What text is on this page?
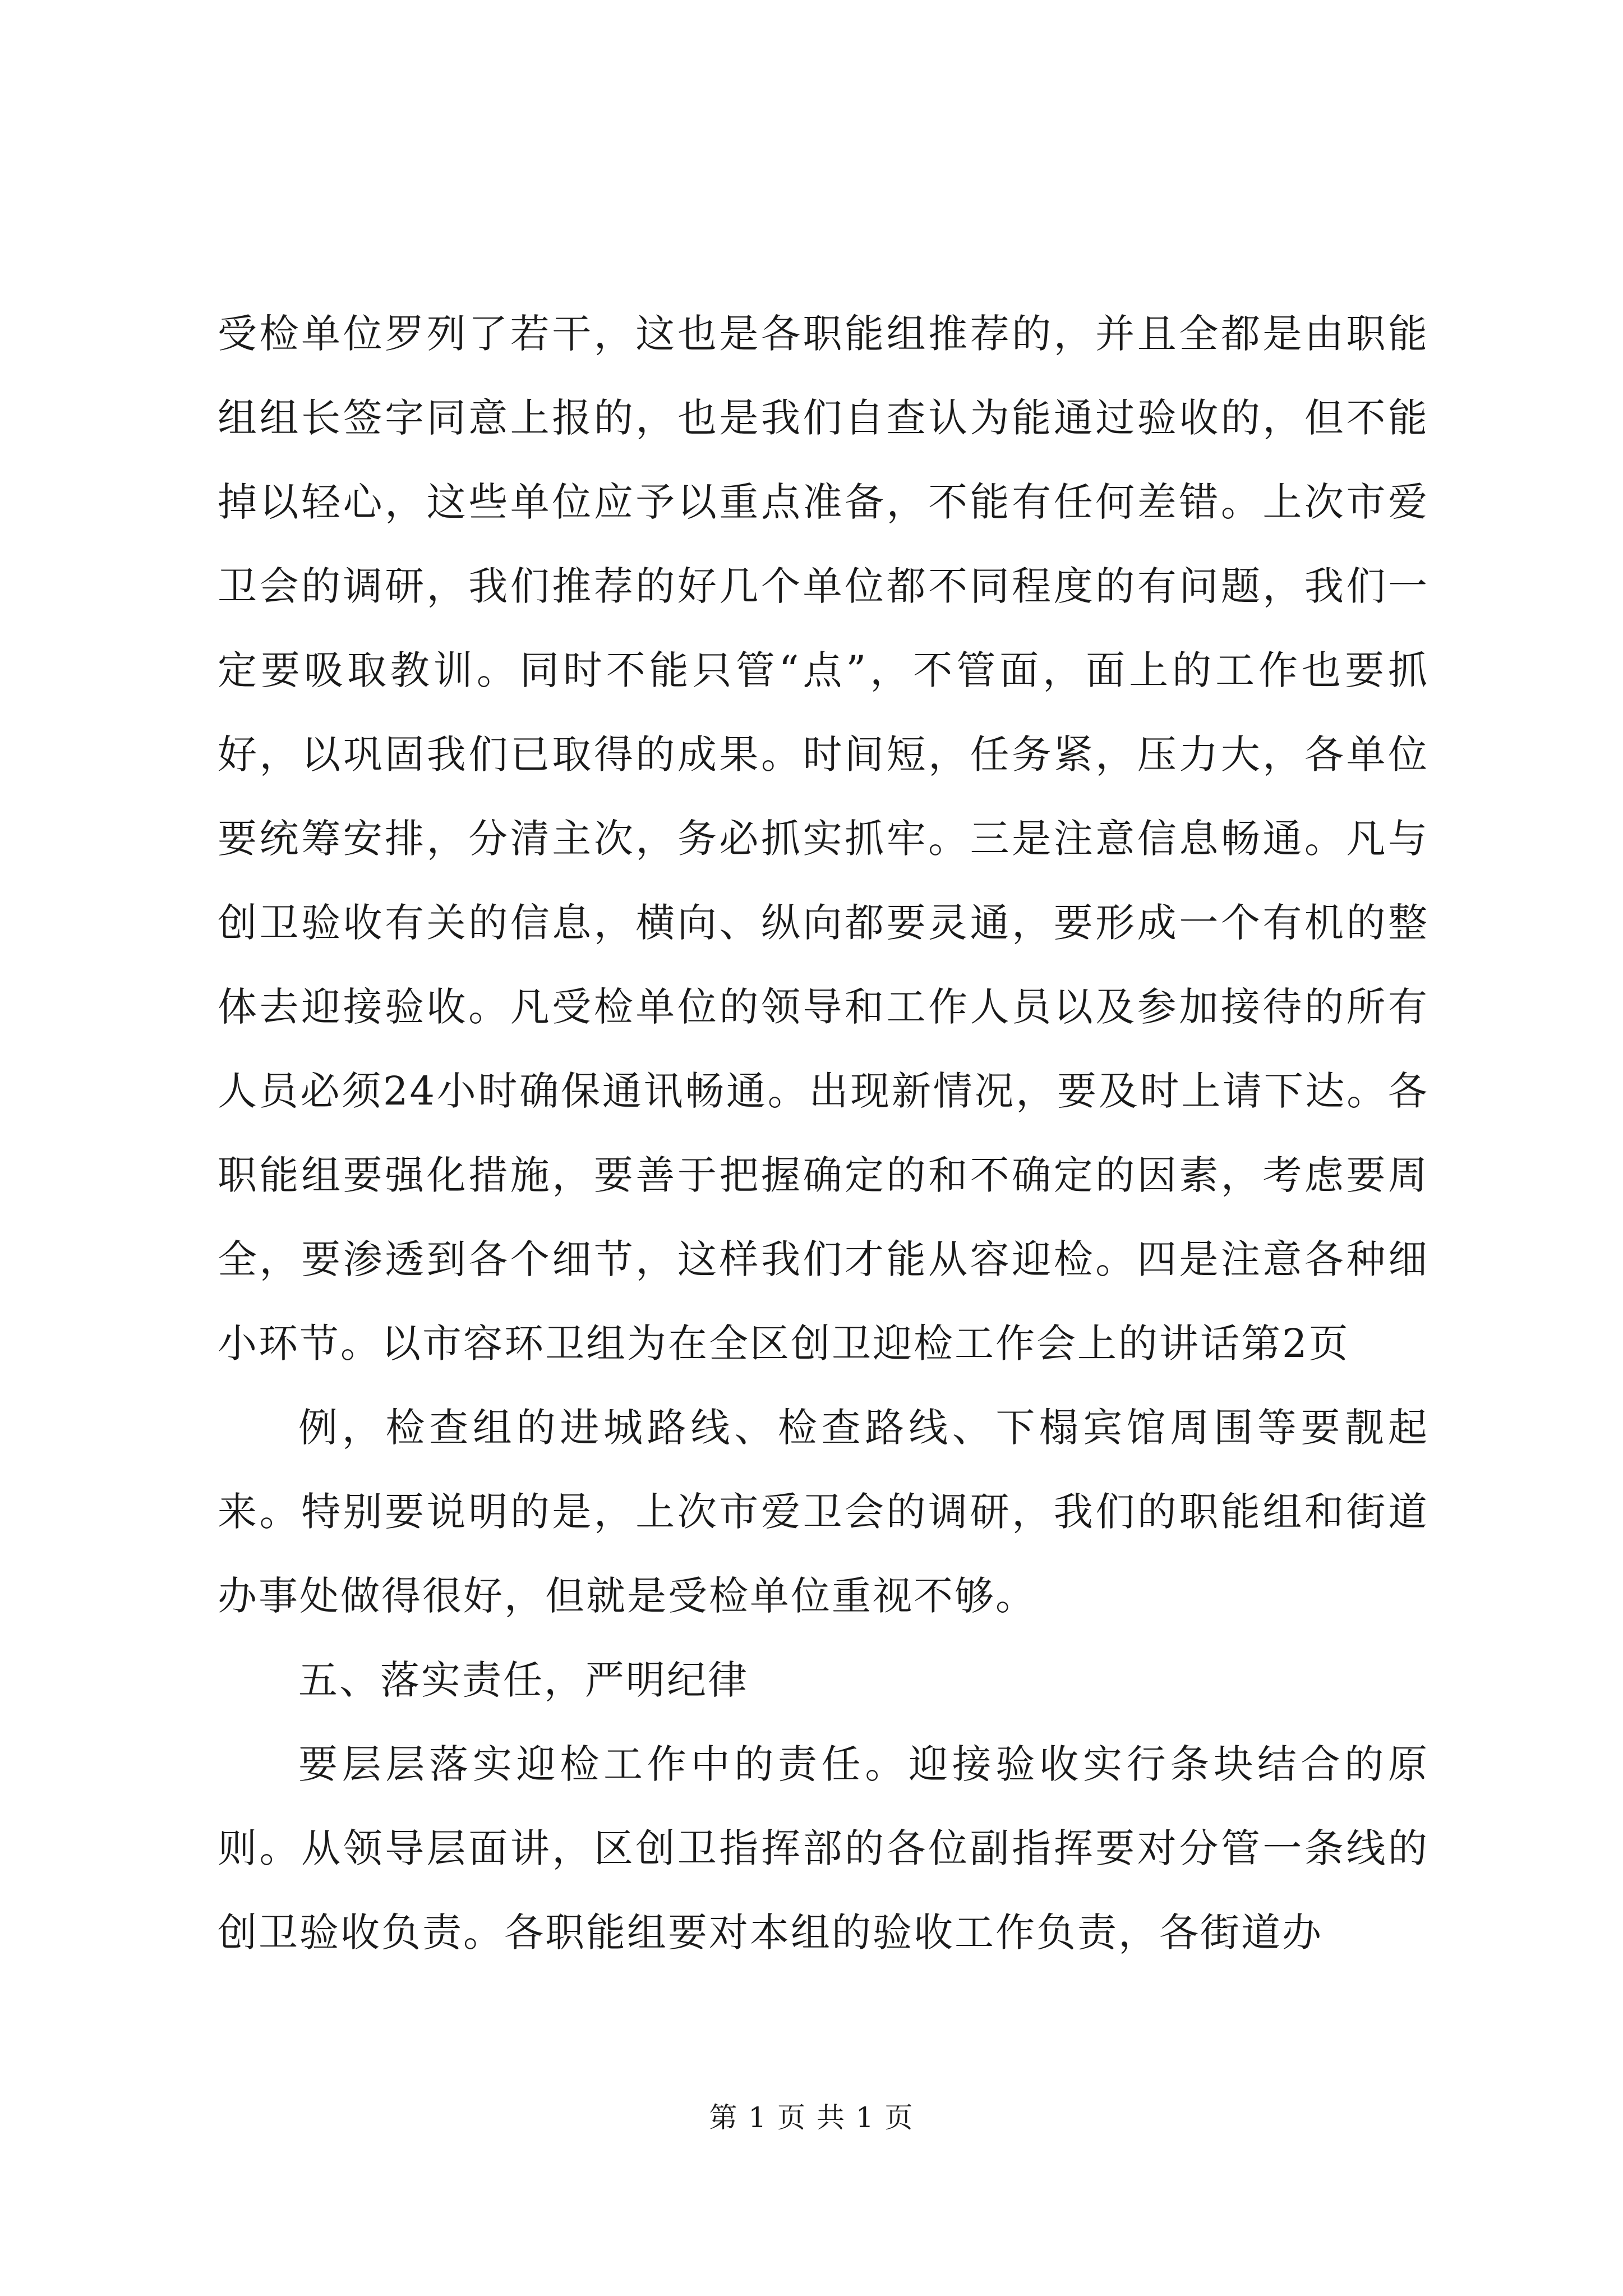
受检单位罗列了若干，这也是各职能组推荐的，并且全都是由职能组组长签字同意上报的，也是我们自查认为能通过验收的，但不能掉以轻心，这些单位应予以重点准备，不能有任何差错。上次市爱卫会的调研，我们推荐的好几个单位都不同程度的有问题，我们一定要吸取教训。同时不能只管“点”，不管面，面上的工作也要抓好，以巩固我们已取得的成果。时间短，任务紧，压力大，各单位要统筹安排，分清主次，务必抓实抓牢。三是注意信息畅通。凡与创卫验收有关的信息，横向、纵向都要灵通，要形成一个有机的整体去迎接验收。凡受检单位的领导和工作人员以及参加接待的所有人员必须24小时确保通讯畅通。出现新情况，要及时上请下达。各职能组要强化措施，要善于把握确定的和不确定的因素，考虑要周全，要渗透到各个细节，这样我们才能从容迎检。四是注意各种细小环节。以市容环卫组为在全区创卫迎检工作会上的讲话第2页

例，检查组的进城路线、检查路线、下榻宾馆周围等要靓起来。特别要说明的是，上次市爱卫会的调研，我们的职能组和街道办事处做得很好，但就是受检单位重视不够。

五、落实责任，严明纪律

要层层落实迎检工作中的责任。迎接验收实行条块结合的原则。从领导层面讲，区创卫指挥部的各位副指挥要对分管一条线的创卫验收负责。各职能组要对本组的验收工作负责，各街道办

第 1 页 共 1 页
